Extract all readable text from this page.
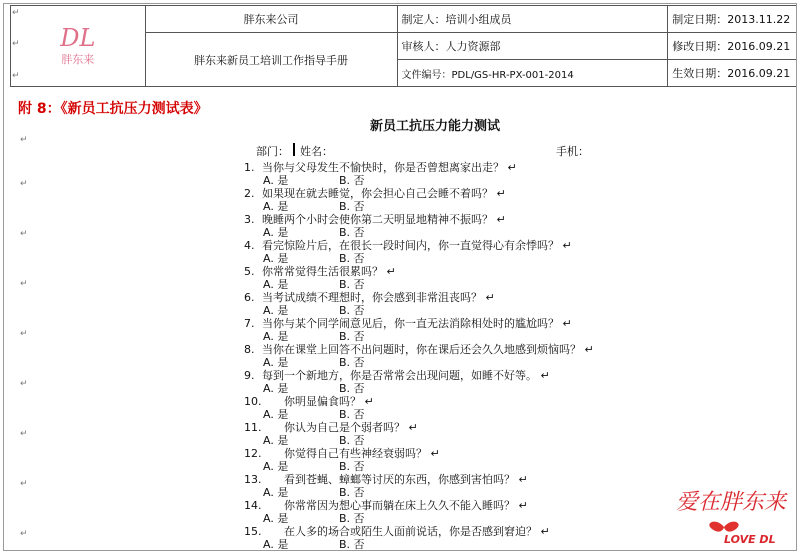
DL
胖东来	胖东来公司	制定人：培训小组成员	制定日期：2013.11.22
	胖东来新员工培训工作指导手册	审核人：人力资源部	修改日期：2016.09.21
		文件编号：PDL/GS-HR-PX-001-2014	生效日期：2016.09.21
附 8：《新员工抗压力测试表》
新员工抗压力能力测试
部门： 姓名：	手机：
1. 当你与父母发生不愉快时，你是否曾想离家出走？ ↵
A. 是	B. 否
2. 如果现在就去睡觉，你会担心自己会睡不着吗？ ↵
A. 是	B. 否
3. 晚睡两个小时会使你第二天明显地精神不振吗？ ↵
A. 是	B. 否
4. 看完惊险片后，在很长一段时间内，你一直觉得心有余悸吗？ ↵
A. 是	B. 否
5. 你常常觉得生活很累吗？ ↵
A. 是	B. 否
6. 当考试成绩不理想时，你会感到非常沮丧吗？ ↵
A. 是	B. 否
7. 当你与某个同学闹意见后，你一直无法消除相处时的尴尬吗？ ↵
A. 是	B. 否
8. 当你在课堂上回答不出问题时，你在课后还会久久地感到烦恼吗？ ↵
A. 是	B. 否
9. 每到一个新地方，你是否常常会出现问题，如睡不好等。 ↵
A. 是	B. 否
10. 你明显偏食吗？ ↵
A. 是	B. 否
11. 你认为自己是个弱者吗？ ↵
A. 是	B. 否
12. 你觉得自己有些神经衰弱吗？ ↵
A. 是	B. 否
13. 看到苍蝇、蟑螂等讨厌的东西，你感到害怕吗？ ↵
A. 是	B. 否
14. 你常常因为想心事而躺在床上久久不能入睡吗？ ↵
A. 是	B. 否
15. 在人多的场合或陌生人面前说话，你是否感到窘迫？ ↵
A. 是	B. 否
爱在胖东来
LOVE DL
↵
↵
↵
↵
↵
↵
↵
↵
↵
↵
↵
↵
